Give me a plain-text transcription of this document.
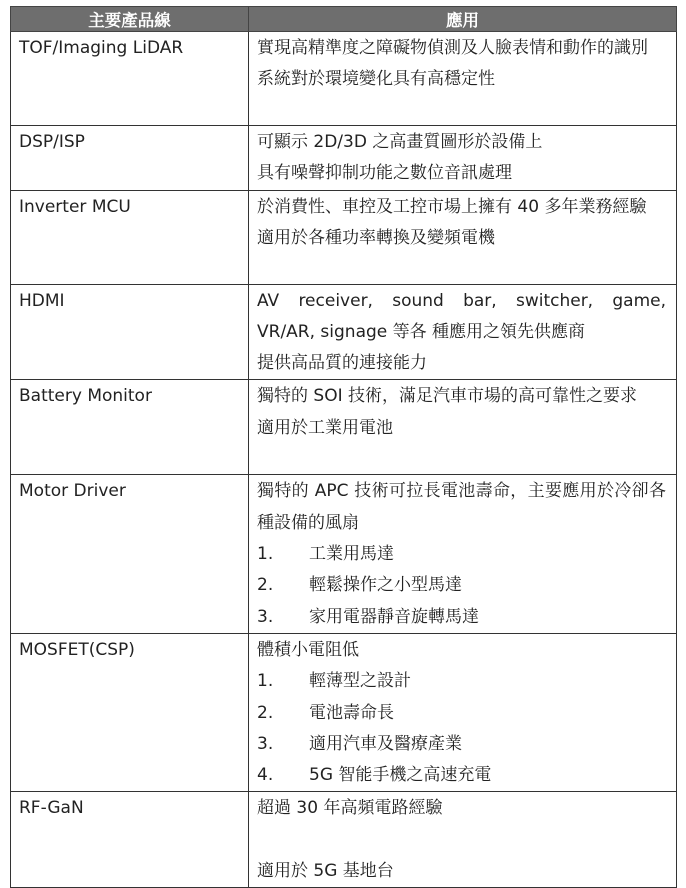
主要產品線	應用
TOF/Imaging LiDAR	實現高精準度之障礙物偵測及人臉表情和動作的識別
系統對於環境變化具有高穩定性

DSP/ISP	可顯示 2D/3D 之高畫質圖形於設備上
具有噪聲抑制功能之數位音訊處理

Inverter MCU	於消費性、車控及工控市場上擁有 40 多年業務經驗
適用於各種功率轉換及變頻電機

HDMI	AV receiver, sound bar, switcher, game,
VR/AR, signage 等各 種應用之領先供應商
提供高品質的連接能力

Battery Monitor	獨特的 SOI 技術，滿足汽車市場的高可靠性之要求
適用於工業用電池

Motor Driver	獨特的 APC 技術可拉長電池壽命，主要應用於冷卻各種設備的風扇
1. 工業用馬達
2. 輕鬆操作之小型馬達
3. 家用電器靜音旋轉馬達

MOSFET(CSP)	體積小電阻低
1. 輕薄型之設計
2. 電池壽命長
3. 適用汽車及醫療產業
4. 5G 智能手機之高速充電

RF-GaN	超過 30 年高頻電路經驗
適用於 5G 基地台
